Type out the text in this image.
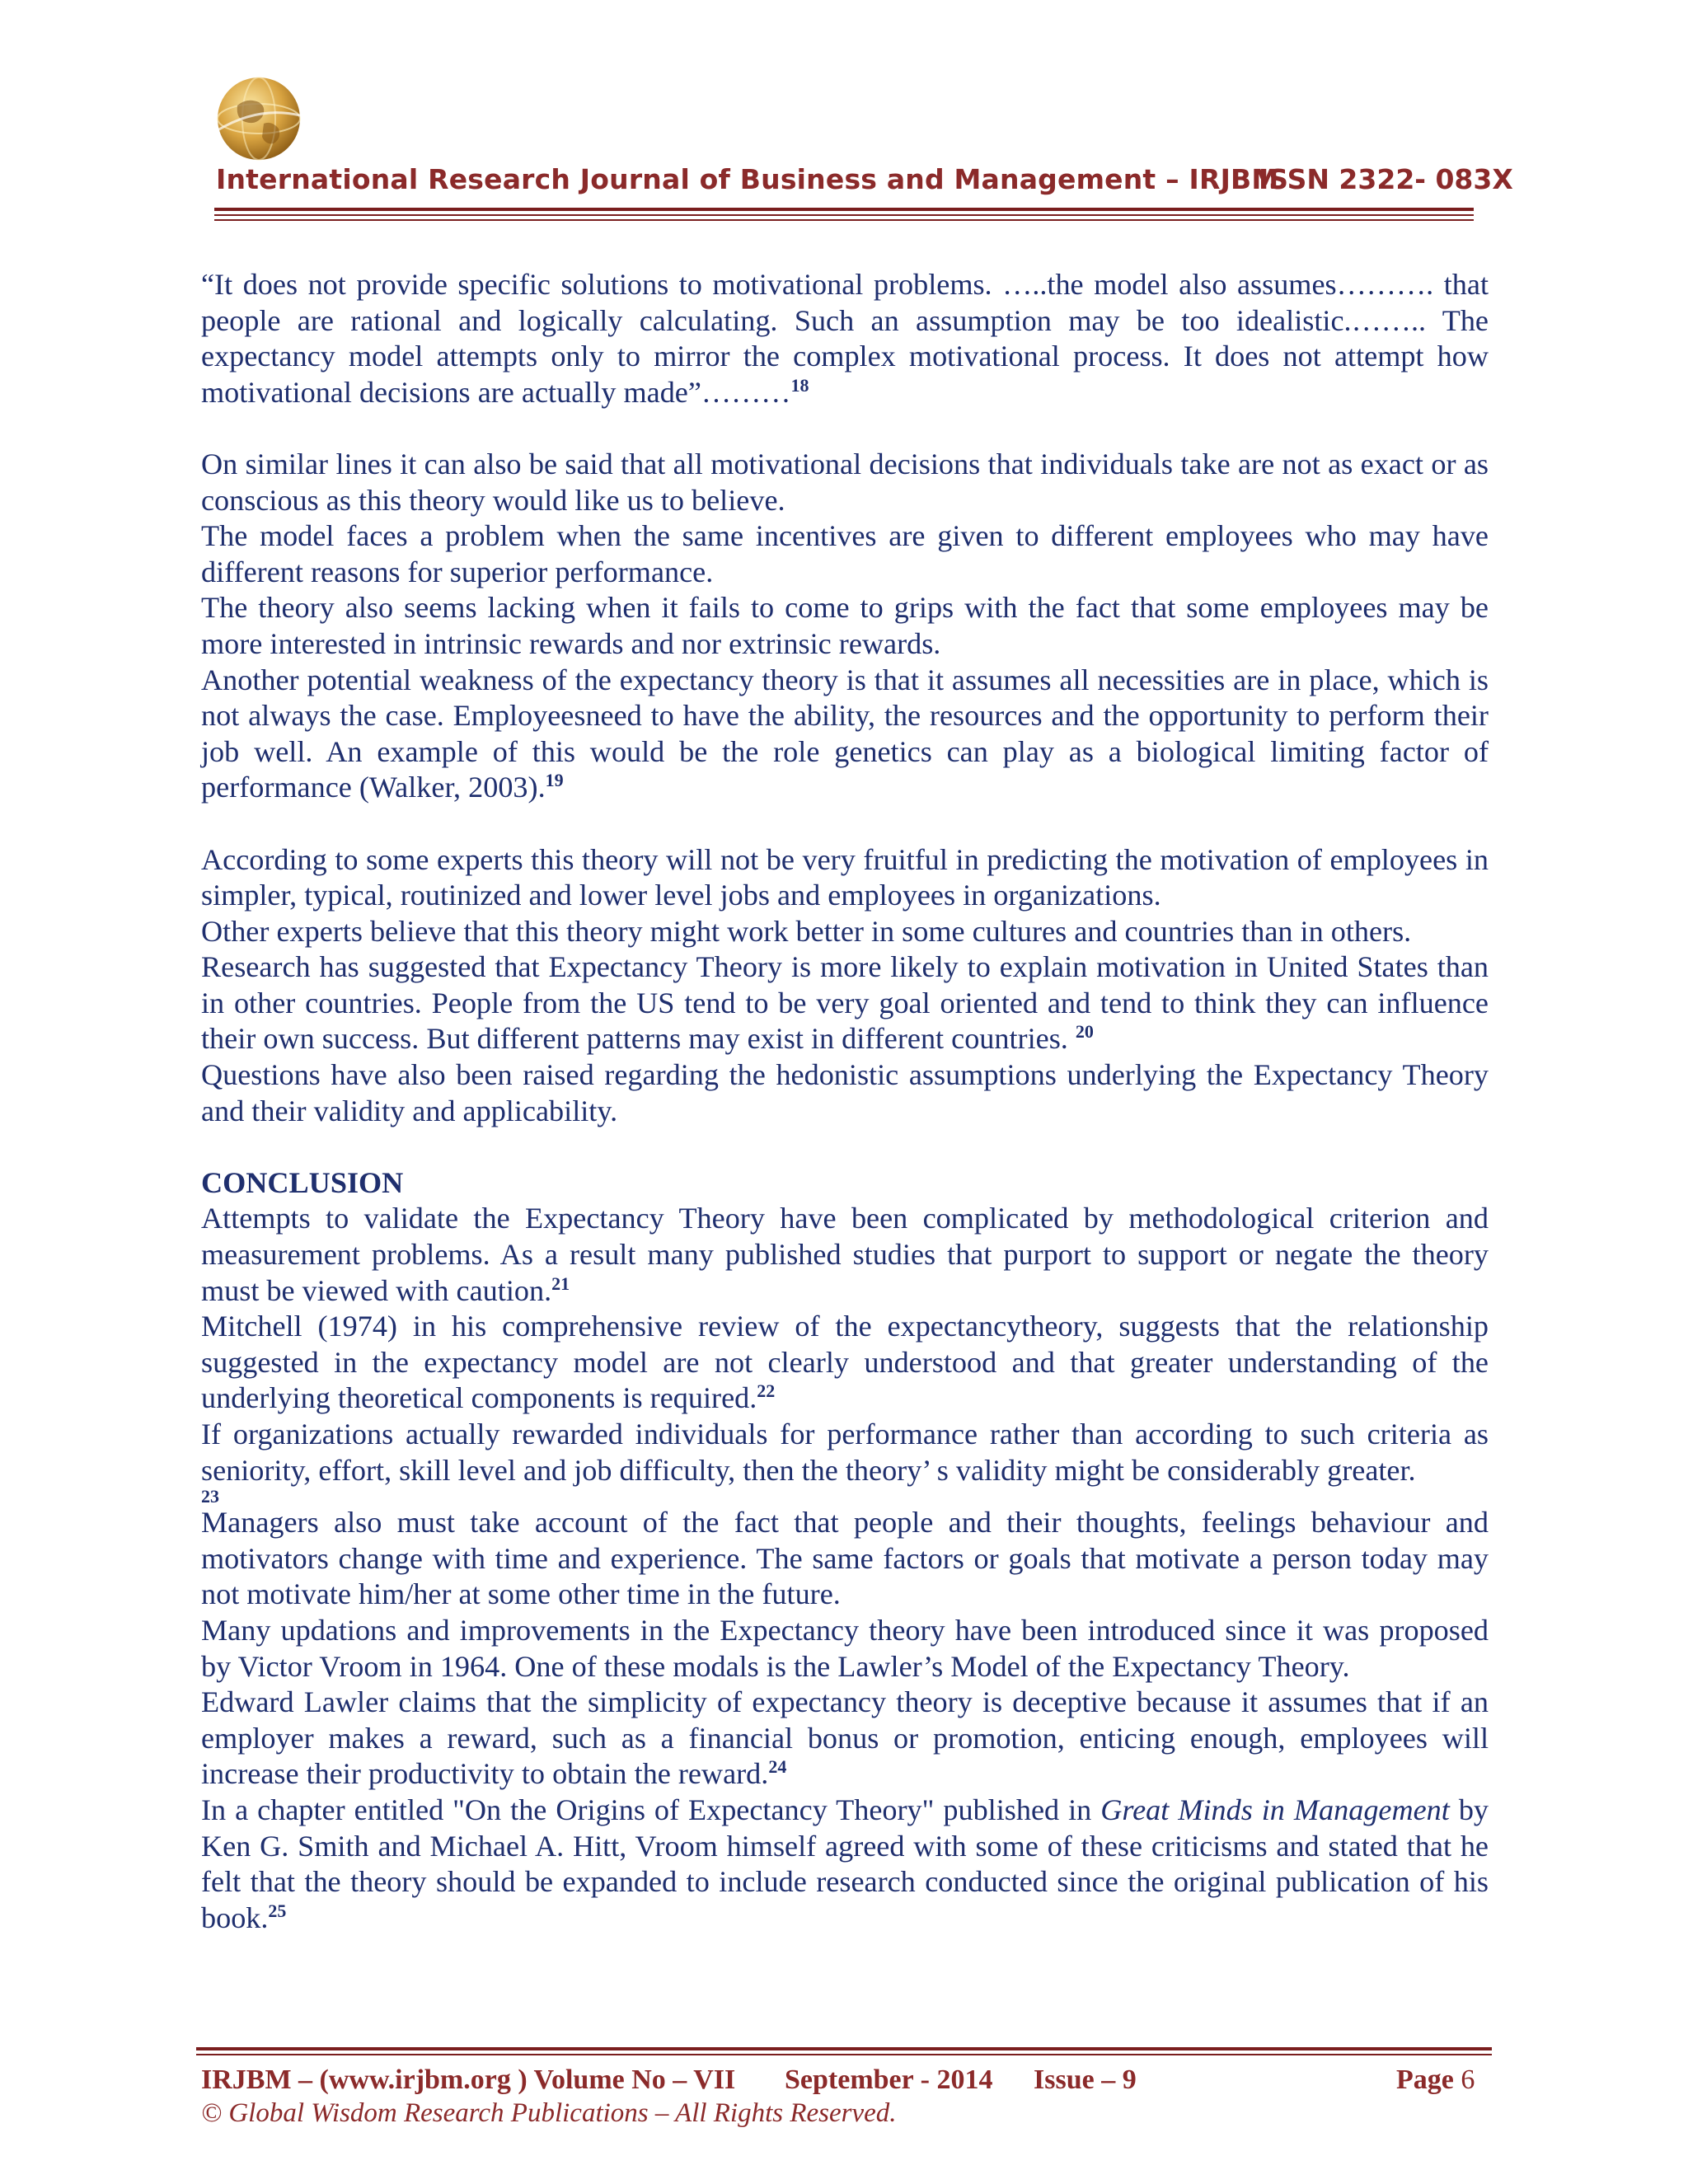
International Research Journal of Business and Management – IRJBM
ISSN 2322- 083X

“It does not provide specific solutions to motivational problems. …..the model also assumes………. that people are rational and logically calculating. Such an assumption may be too idealistic.…….. The expectancy model attempts only to mirror the complex motivational process. It does not attempt how motivational decisions are actually made”………$^{18}$

On similar lines it can also be said that all motivational decisions that individuals take are not as exact or as conscious as this theory would like us to believe.

The model faces a problem when the same incentives are given to different employees who may have different reasons for superior performance.

The theory also seems lacking when it fails to come to grips with the fact that some employees may be more interested in intrinsic rewards and nor extrinsic rewards.

Another potential weakness of the expectancy theory is that it assumes all necessities are in place, which is not always the case. Employeesneed to have the ability, the resources and the opportunity to perform their job well. An example of this would be the role genetics can play as a biological limiting factor of performance (Walker, 2003).$^{19}$

According to some experts this theory will not be very fruitful in predicting the motivation of employees in simpler, typical, routinized and lower level jobs and employees in organizations.

Other experts believe that this theory might work better in some cultures and countries than in others.

Research has suggested that Expectancy Theory is more likely to explain motivation in United States than in other countries. People from the US tend to be very goal oriented and tend to think they can influence their own success. But different patterns may exist in different countries. $^{20}$

Questions have also been raised regarding the hedonistic assumptions underlying the Expectancy Theory and their validity and applicability.

CONCLUSION

Attempts to validate the Expectancy Theory have been complicated by methodological criterion and measurement problems. As a result many published studies that purport to support or negate the theory must be viewed with caution.$^{21}$

Mitchell (1974) in his comprehensive review of the expectancytheory, suggests that the relationship suggested in the expectancy model are not clearly understood and that greater understanding of the underlying theoretical components is required.$^{22}$

If organizations actually rewarded individuals for performance rather than according to such criteria as seniority, effort, skill level and job difficulty, then the theory’ s validity might be considerably greater.

23

Managers also must take account of the fact that people and their thoughts, feelings behaviour and motivators change with time and experience. The same factors or goals that motivate a person today may not motivate him/her at some other time in the future.

Many updations and improvements in the Expectancy theory have been introduced since it was proposed by Victor Vroom in 1964. One of these modals is the Lawler’s Model of the Expectancy Theory.

Edward Lawler claims that the simplicity of expectancy theory is deceptive because it assumes that if an employer makes a reward, such as a financial bonus or promotion, enticing enough, employees will increase their productivity to obtain the reward.$^{24}$

In a chapter entitled "On the Origins of Expectancy Theory" published in Great Minds in Management by Ken G. Smith and Michael A. Hitt, Vroom himself agreed with some of these criticisms and stated that he felt that the theory should be expanded to include research conducted since the original publication of his book.$^{25}$

IRJBM – (www.irjbm.org ) Volume No – VII September - 2014 Issue – 9	Page 6
© Global Wisdom Research Publications – All Rights Reserved.
